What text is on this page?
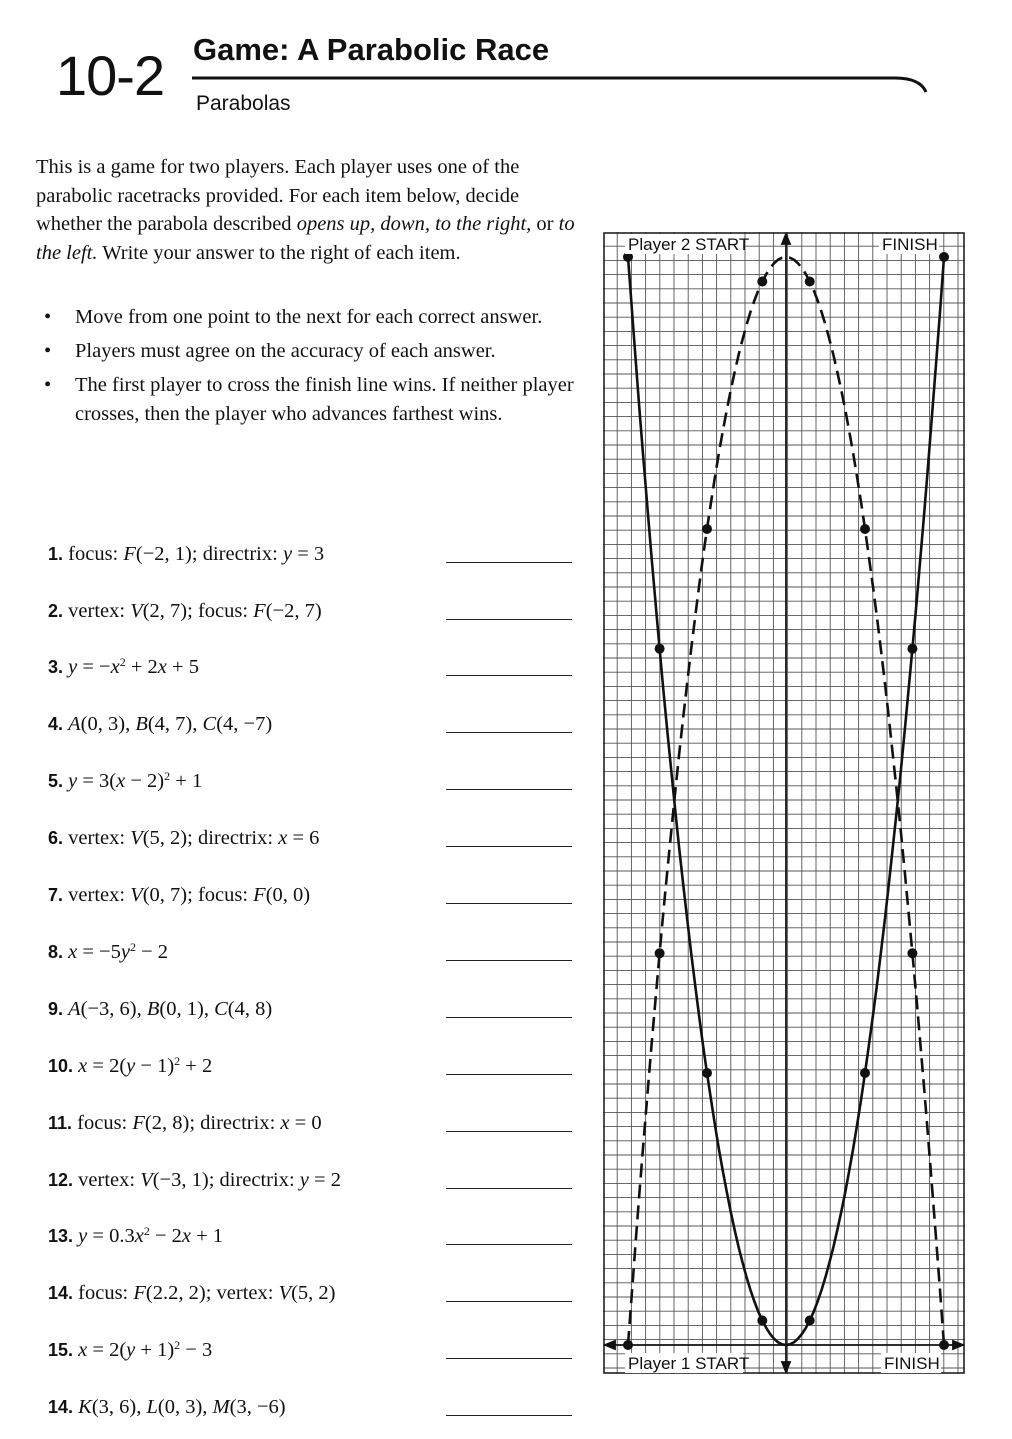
10-2 Game: A Parabolic Race
Parabolas

This is a game for two players. Each player uses one of the parabolic racetracks provided. For each item below, decide whether the parabola described opens up, down, to the right, or to the left. Write your answer to the right of each item.

• Move from one point to the next for each correct answer.
• Players must agree on the accuracy of each answer.
• The first player to cross the finish line wins. If neither player crosses, then the player who advances farthest wins.
1. focus: F(−2, 1); directrix: y = 3
2. vertex: V(2, 7); focus: F(−2, 7)
3. $y = -x^2 + 2x + 5$
4. A(0, 3), B(4, 7), C(4, −7)
5. $y = 3(x - 2)^2 + 1$
6. vertex: V(5, 2); directrix: x = 6
7. vertex: V(0, 7); focus: F(0, 0)
8. $x = -5y^2 - 2$
9. A(−3, 6), B(0, 1), C(4, 8)
10. $x = 2(y - 1)^2 + 2$
11. focus: F(2, 8); directrix: x = 0
12. vertex: V(−3, 1); directrix: y = 2
13. $y = 0.3x^2 - 2x + 1$
14. focus: F(2.2, 2); vertex: V(5, 2)
15. $x = 2(y + 1)^2 - 3$
14. K(3, 6), L(0, 3), M(3, −6)
Player 2 START	FINISH
Player 1 START	FINISH
